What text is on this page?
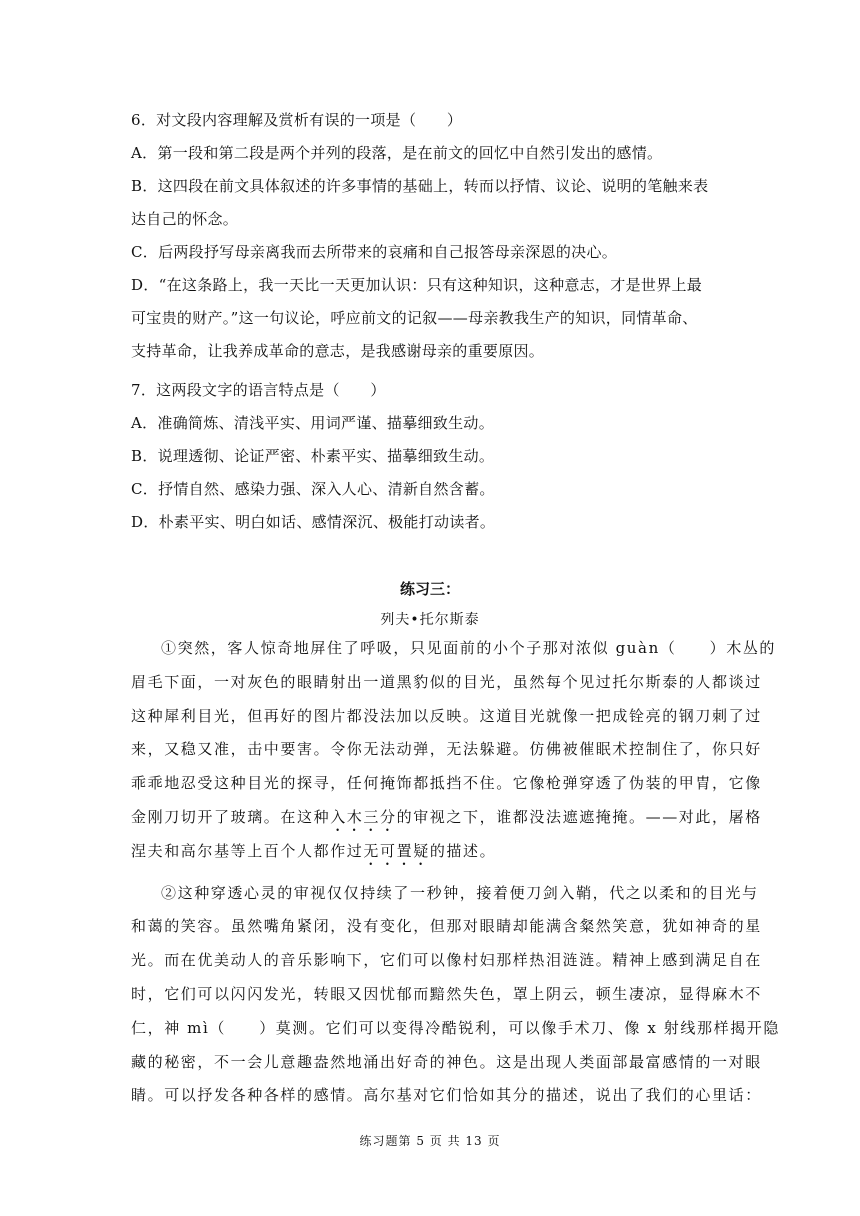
6．对文段内容理解及赏析有误的一项是（　　）
A．第一段和第二段是两个并列的段落，是在前文的回忆中自然引发出的感情。
B．这四段在前文具体叙述的许多事情的基础上，转而以抒情、议论、说明的笔触来表
达自己的怀念。
C．后两段抒写母亲离我而去所带来的哀痛和自己报答母亲深恩的决心。
D．“在这条路上，我一天比一天更加认识：只有这种知识，这种意志，才是世界上最
可宝贵的财产。”这一句议论，呼应前文的记叙——母亲教我生产的知识，同情革命、
支持革命，让我养成革命的意志，是我感谢母亲的重要原因。
7．这两段文字的语言特点是（　　）
A．准确简炼、清浅平实、用词严谨、描摹细致生动。
B．说理透彻、论证严密、朴素平实、描摹细致生动。
C．抒情自然、感染力强、深入人心、清新自然含蓄。
D．朴素平实、明白如话、感情深沉、极能打动读者。
练习三：
列夫•托尔斯泰
①突然，客人惊奇地屏住了呼吸，只见面前的小个子那对浓似 guàn（　　）木丛的
眉毛下面，一对灰色的眼睛射出一道黑豹似的目光，虽然每个见过托尔斯泰的人都谈过
这种犀利目光，但再好的图片都没法加以反映。这道目光就像一把成铨亮的钢刀刺了过
来，又稳又准，击中要害。令你无法动弹，无法躲避。仿佛被催眠术控制住了，你只好
乖乖地忍受这种目光的探寻，任何掩饰都抵挡不住。它像枪弹穿透了伪装的甲胄，它像
金刚刀切开了玻璃。在这种入木三分的审视之下，谁都没法遮遮掩掩。——对此，屠格
涅夫和高尔基等上百个人都作过无可置疑的描述。
②这种穿透心灵的审视仅仅持续了一秒钟，接着便刀剑入鞘，代之以柔和的目光与
和蔼的笑容。虽然嘴角紧闭，没有变化，但那对眼睛却能满含粲然笑意，犹如神奇的星
光。而在优美动人的音乐影响下，它们可以像村妇那样热泪涟涟。精神上感到满足自在
时，它们可以闪闪发光，转眼又因忧郁而黯然失色，罩上阴云，顿生凄凉，显得麻木不
仁，神 mì（　　）莫测。它们可以变得冷酷锐利，可以像手术刀、像 x 射线那样揭开隐
藏的秘密，不一会儿意趣盎然地涌出好奇的神色。这是出现人类面部最富感情的一对眼
睛。可以抒发各种各样的感情。高尔基对它们恰如其分的描述，说出了我们的心里话：
练习题第 5 页 共 13 页
